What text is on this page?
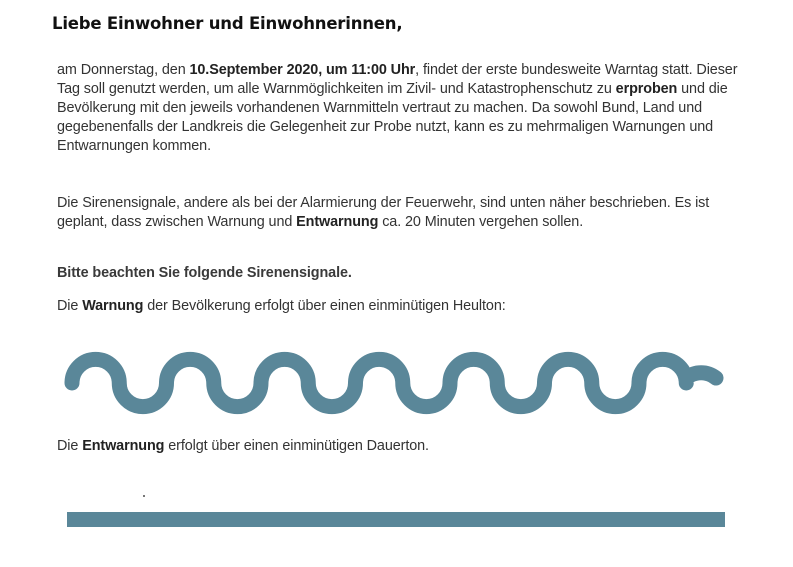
Liebe Einwohner und Einwohnerinnen,

am Donnerstag, den 10.September 2020, um 11:00 Uhr, findet der erste bundesweite Warntag statt. Dieser Tag soll genutzt werden, um alle Warnmöglichkeiten im Zivil- und Katastrophenschutz zu erproben und die Bevölkerung mit den jeweils vorhandenen Warnmitteln vertraut zu machen. Da sowohl Bund, Land und gegebenenfalls der Landkreis die Gelegenheit zur Probe nutzt, kann es zu mehrmaligen Warnungen und Entwarnungen kommen.

Die Sirenensignale, andere als bei der Alarmierung der Feuerwehr, sind unten näher beschrieben. Es ist geplant, dass zwischen Warnung und Entwarnung ca. 20 Minuten vergehen sollen.

Bitte beachten Sie folgende Sirenensignale.

Die Warnung der Bevölkerung erfolgt über einen einminütigen Heulton:

Die Entwarnung erfolgt über einen einminütigen Dauerton.
